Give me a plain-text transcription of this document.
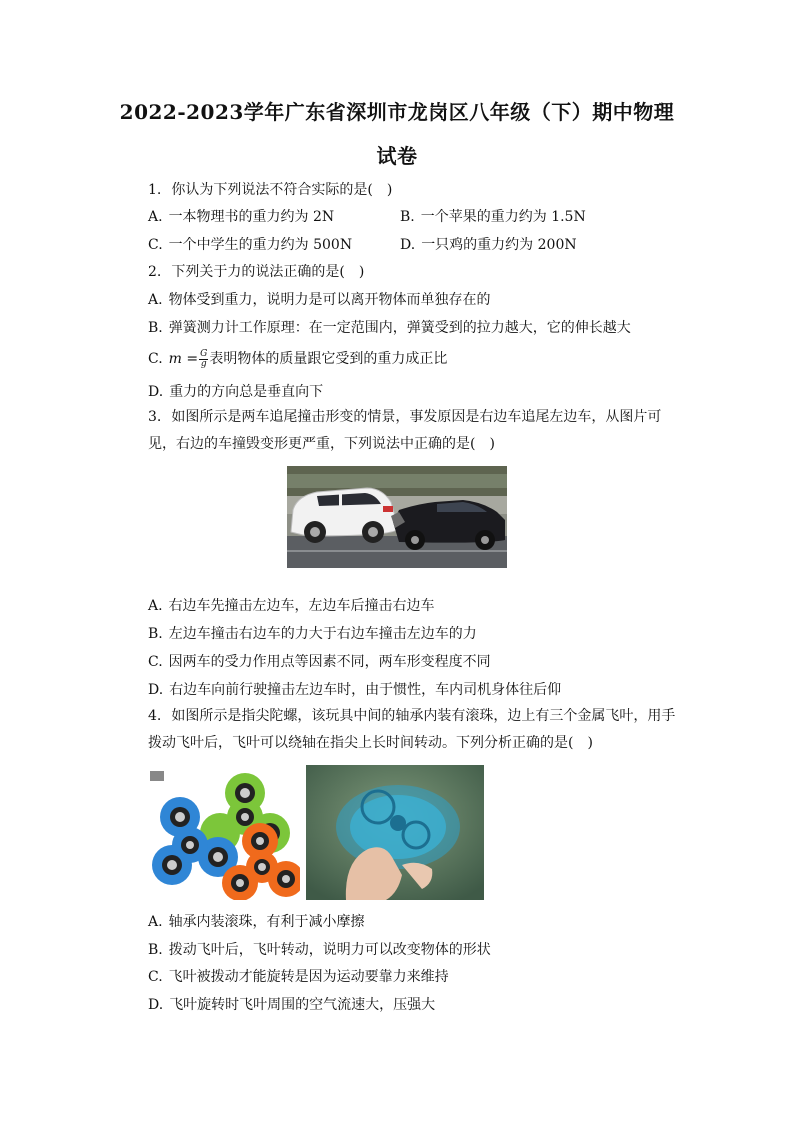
2022-2023学年广东省深圳市龙岗区八年级（下）期中物理
试卷
1. 你认为下列说法不符合实际的是(　)
A. 一本物理书的重力约为 2N	B. 一个苹果的重力约为 1.5N
C. 一个中学生的重力约为 500N	D. 一只鸡的重力约为 200N
2. 下列关于力的说法正确的是(　)
A. 物体受到重力，说明力是可以离开物体而单独存在的
B. 弹簧测力计工作原理：在一定范围内，弹簧受到的拉力越大，它的伸长越大
C. $m = \frac{G}{g}$ 表明物体的质量跟它受到的重力成正比
D. 重力的方向总是垂直向下
3. 如图所示是两车追尾撞击形变的情景，事发原因是右边车追尾左边车，从图片可见，右边的车撞毁变形更严重，下列说法中正确的是(　)
A. 右边车先撞击左边车，左边车后撞击右边车
B. 左边车撞击右边车的力大于右边车撞击左边车的力
C. 因两车的受力作用点等因素不同，两车形变程度不同
D. 右边车向前行驶撞击左边车时，由于惯性，车内司机身体往后仰
4. 如图所示是指尖陀螺，该玩具中间的轴承内装有滚珠，边上有三个金属飞叶，用手拨动飞叶后，飞叶可以绕轴在指尖上长时间转动。下列分析正确的是(　)
A. 轴承内装滚珠，有利于减小摩擦
B. 拨动飞叶后，飞叶转动，说明力可以改变物体的形状
C. 飞叶被拨动才能旋转是因为运动要靠力来维持
D. 飞叶旋转时飞叶周围的空气流速大，压强大
